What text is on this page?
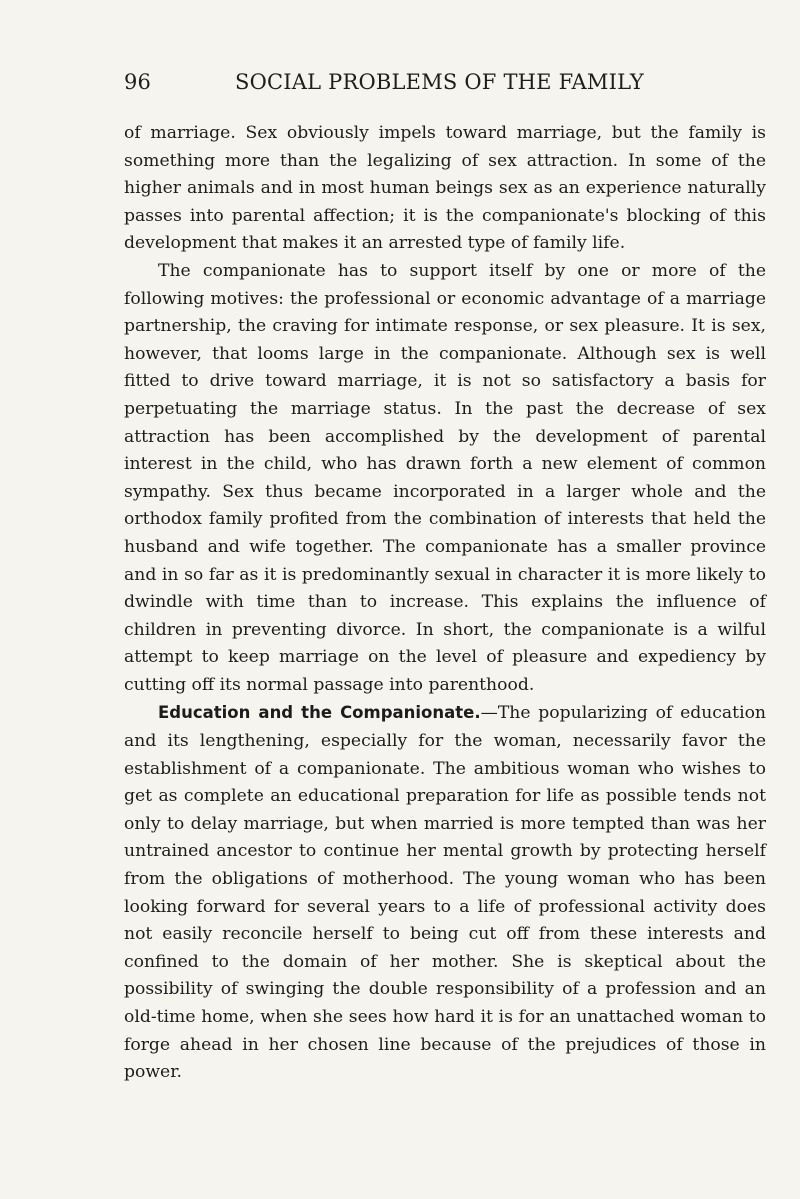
96	SOCIAL PROBLEMS OF THE FAMILY

of marriage. Sex obviously impels toward marriage, but the family is something more than the legalizing of sex attraction. In some of the higher animals and in most human beings sex as an experience naturally passes into parental affection; it is the companionate's blocking of this development that makes it an arrested type of family life.

The companionate has to support itself by one or more of the following motives: the professional or economic advantage of a marriage partnership, the craving for intimate response, or sex pleasure. It is sex, however, that looms large in the companionate. Although sex is well fitted to drive toward marriage, it is not so satisfactory a basis for perpetuating the marriage status. In the past the decrease of sex attraction has been accomplished by the development of parental interest in the child, who has drawn forth a new element of common sympathy. Sex thus became incorporated in a larger whole and the orthodox family profited from the combination of interests that held the husband and wife together. The companionate has a smaller province and in so far as it is predominantly sexual in character it is more likely to dwindle with time than to increase. This explains the influence of children in preventing divorce. In short, the companionate is a wilful attempt to keep marriage on the level of pleasure and expediency by cutting off its normal passage into parenthood.

Education and the Companionate.—The popularizing of education and its lengthening, especially for the woman, necessarily favor the establishment of a companionate. The ambitious woman who wishes to get as complete an educational preparation for life as possible tends not only to delay marriage, but when married is more tempted than was her untrained ancestor to continue her mental growth by protecting herself from the obligations of motherhood. The young woman who has been looking forward for several years to a life of professional activity does not easily reconcile herself to being cut off from these interests and confined to the domain of her mother. She is skeptical about the possibility of swinging the double responsibility of a profession and an old-time home, when she sees how hard it is for an unattached woman to forge ahead in her chosen line because of the prejudices of those in power.
